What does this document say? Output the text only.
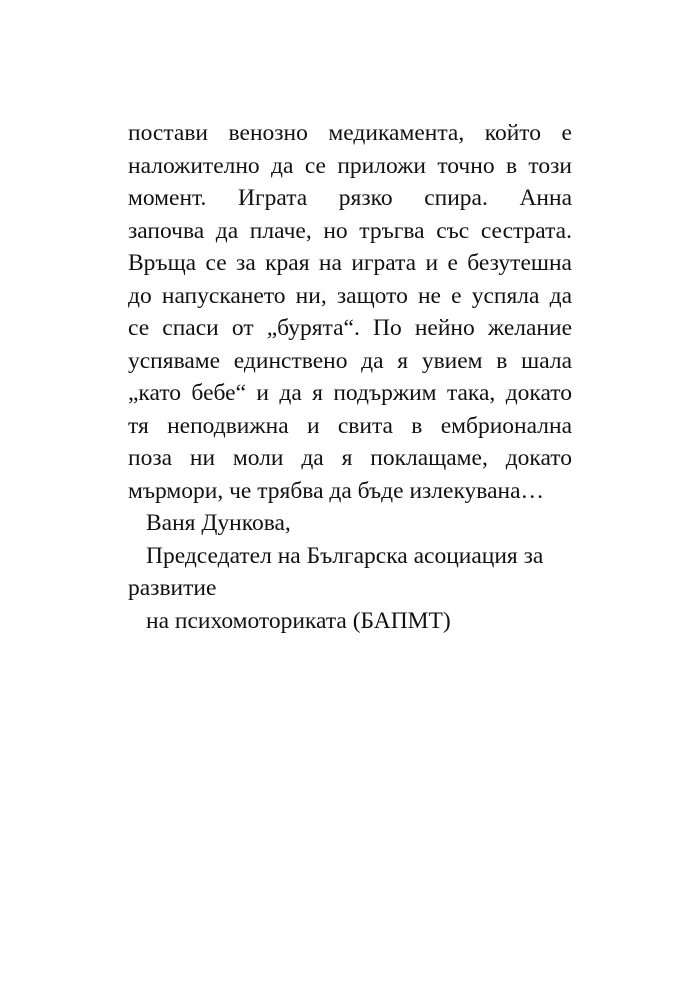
постави венозно медикамента, който е
наложително да се приложи точно в този
момент. Играта рязко спира. Анна
започва да плаче, но тръгва със сестрата.
Връща се за края на играта и е безутешна
до напускането ни, защото не е успяла да
се спаси от „бурята“. По нейно желание
успяваме единствено да я увием в шала
„като бебе“ и да я подържим така, докато
тя неподвижна и свита в ембрионална
поза ни моли да я поклащаме, докато
мърмори, че трябва да бъде излекувана…
Ваня Дункова,
Председател на Българска асоциация за
развитие
на психомоториката (БАПМТ)
